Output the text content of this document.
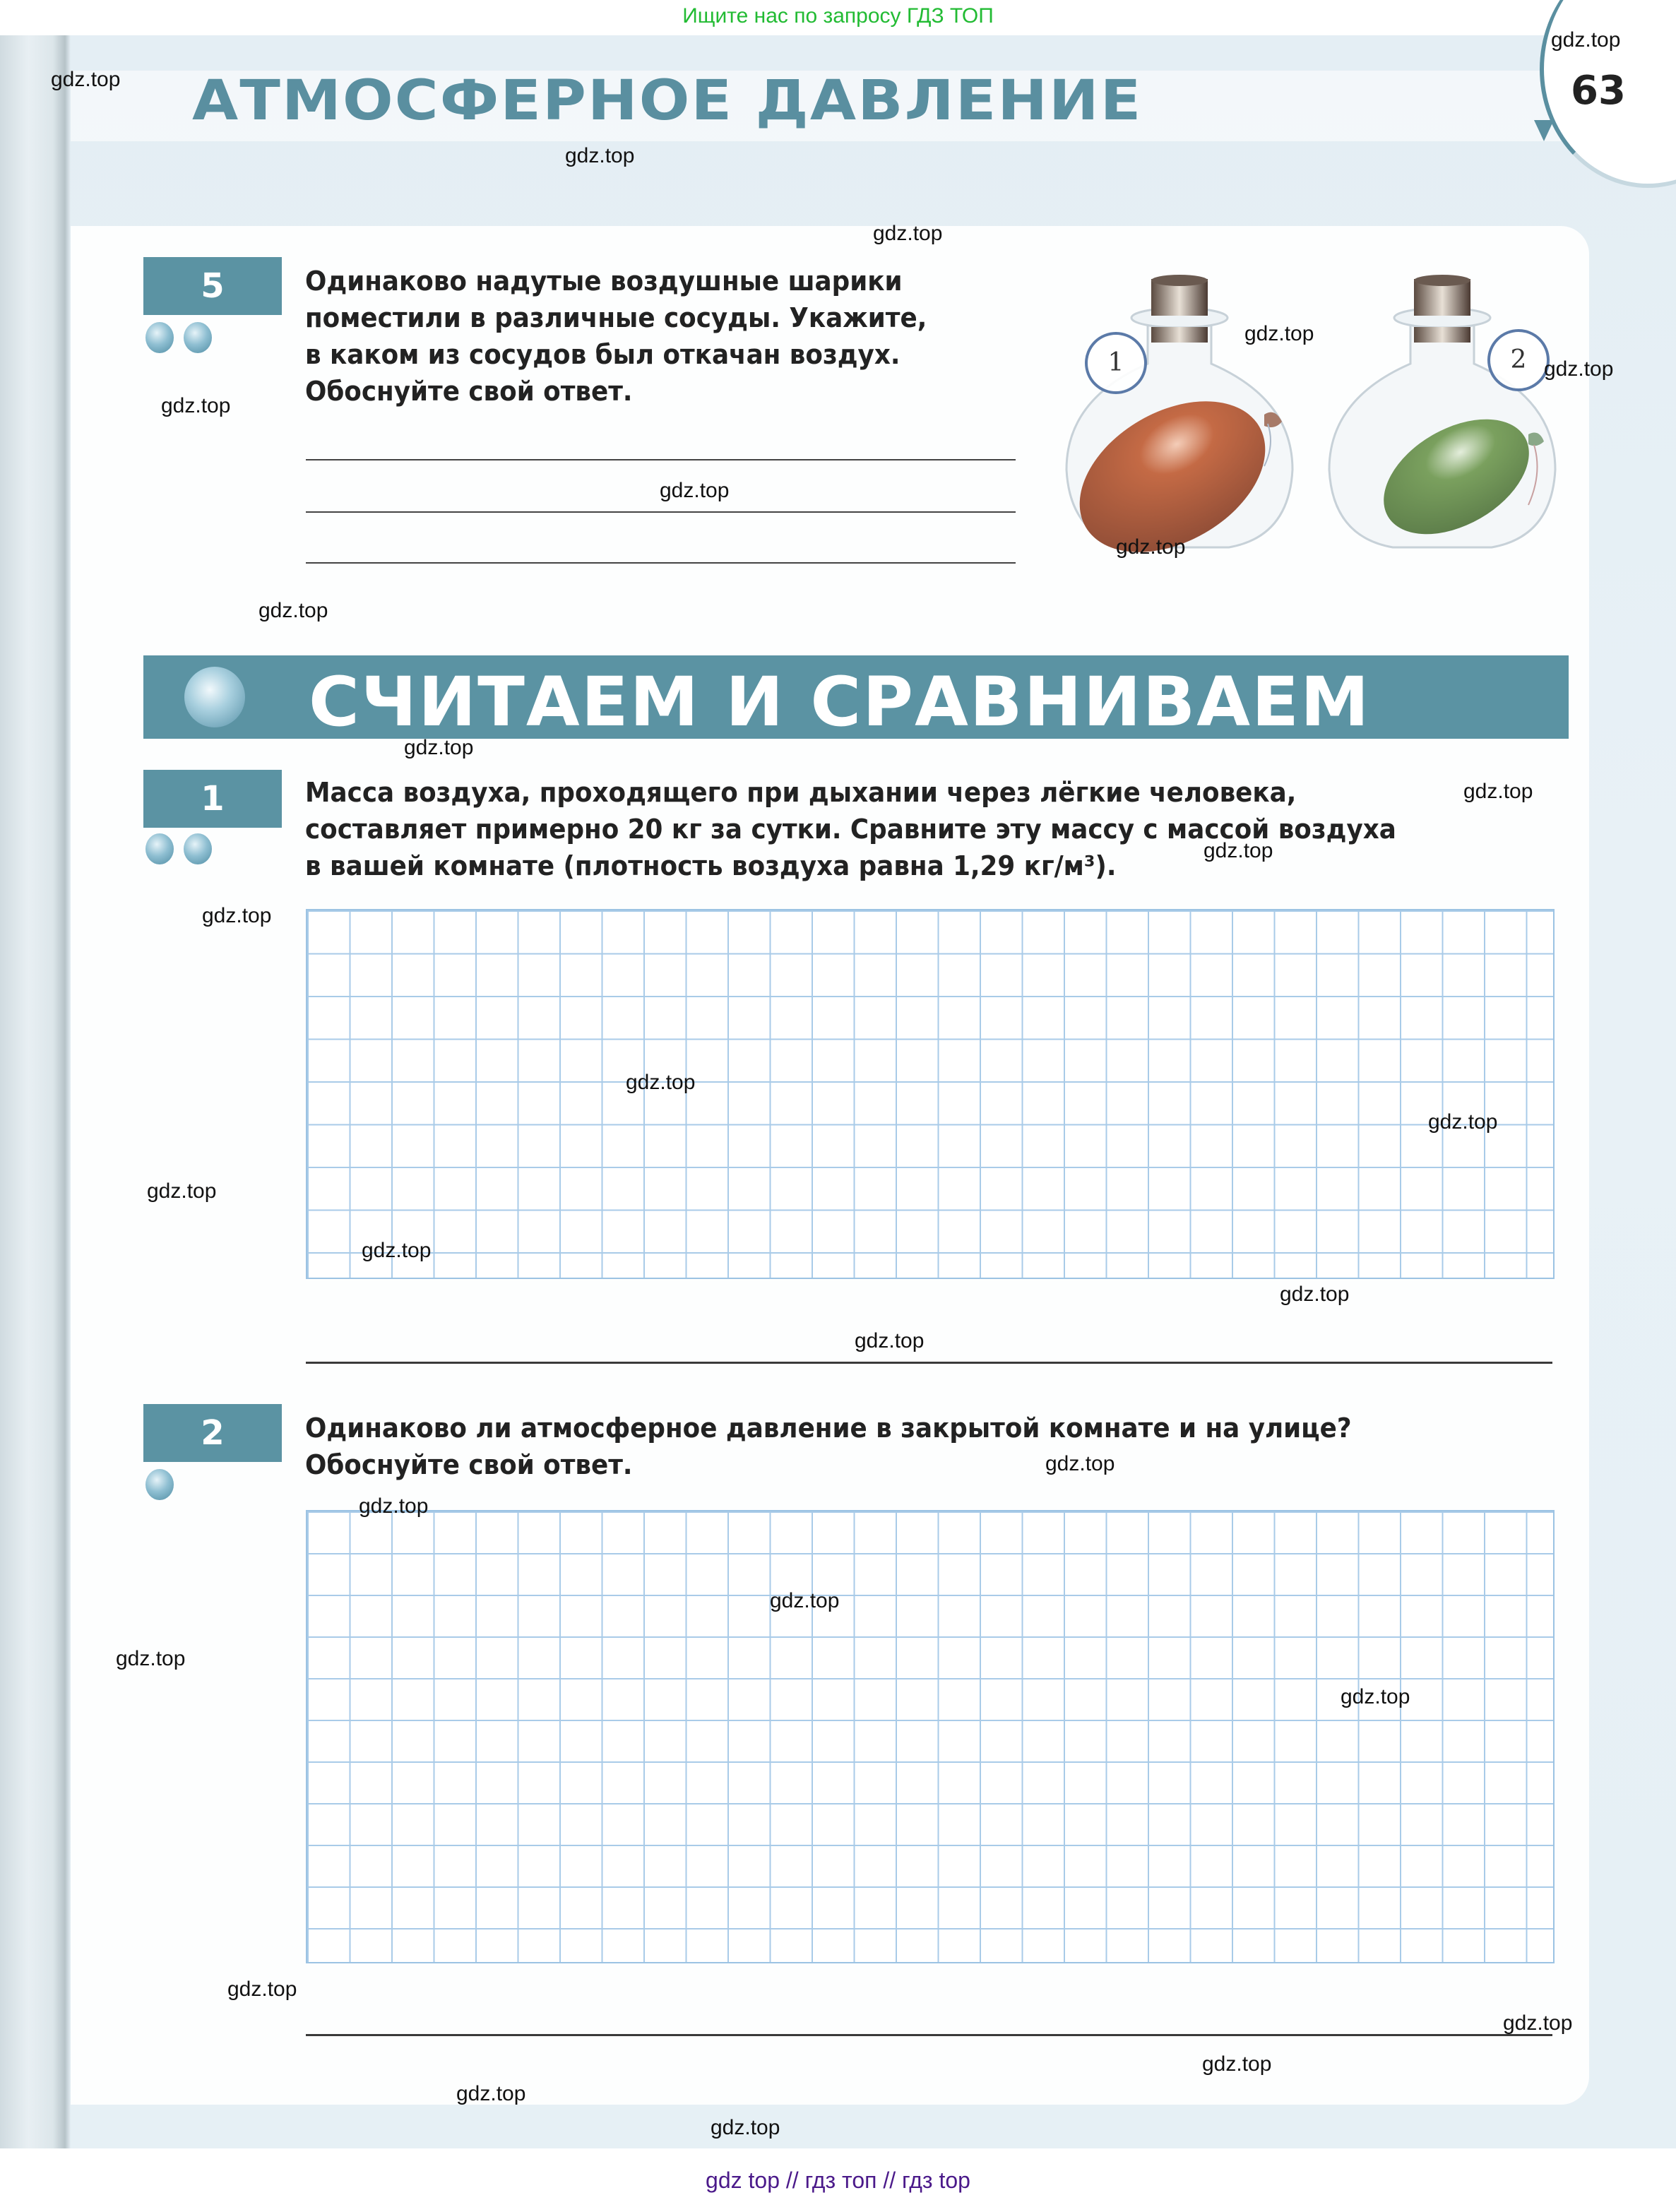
Ищите нас по запросу ГДЗ ТОП
АТМОСФЕРНОЕ ДАВЛЕНИЕ	63
5	Одинаково надутые воздушные шарики
поместили в различные сосуды. Укажите,
в каком из сосудов был откачан воздух.
Обоснуйте свой ответ.
1	2
СЧИТАЕМ И СРАВНИВАЕМ
1	Масса воздуха, проходящего при дыхании через лёгкие человека,
составляет примерно 20 кг за сутки. Сравните эту массу с массой воздуха
в вашей комнате (плотность воздуха равна 1,29 кг/м³).
2	Одинаково ли атмосферное давление в закрытой комнате и на улице?
Обоснуйте свой ответ.
gdz.top
gdz.top
gdz.top
gdz.top
gdz.top
gdz.top
gdz.top
gdz.top
gdz.top
gdz.top
gdz.top
gdz.top
gdz.top
gdz.top
gdz.top
gdz.top
gdz.top
gdz.top
gdz.top
gdz.top
gdz.top
gdz.top
gdz.top
gdz.top
gdz.top
gdz.top
gdz.top
gdz.top
gdz.top
gdz.top
gdz top // гдз топ // гдз top
